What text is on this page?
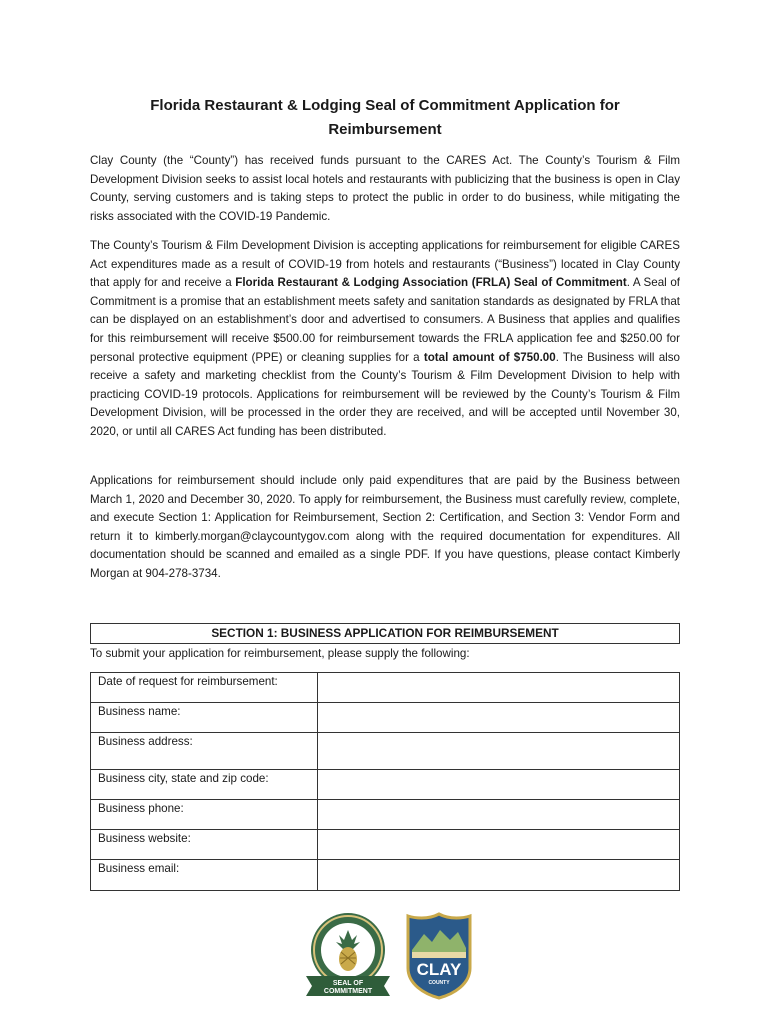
Florida Restaurant & Lodging Seal of Commitment Application for
Reimbursement
Clay County (the “County”) has received funds pursuant to the CARES Act. The County’s Tourism & Film Development Division seeks to assist local hotels and restaurants with publicizing that the business is open in Clay County, serving customers and is taking steps to protect the public in order to do business, while mitigating the risks associated with the COVID-19 Pandemic.
The County’s Tourism & Film Development Division is accepting applications for reimbursement for eligible CARES Act expenditures made as a result of COVID-19 from hotels and restaurants (“Business”) located in Clay County that apply for and receive a Florida Restaurant & Lodging Association (FRLA) Seal of Commitment. A Seal of Commitment is a promise that an establishment meets safety and sanitation standards as designated by FRLA that can be displayed on an establishment’s door and advertised to consumers. A Business that applies and qualifies for this reimbursement will receive $500.00 for reimbursement towards the FRLA application fee and $250.00 for personal protective equipment (PPE) or cleaning supplies for a total amount of $750.00. The Business will also receive a safety and marketing checklist from the County’s Tourism & Film Development Division to help with practicing COVID-19 protocols. Applications for reimbursement will be reviewed by the County’s Tourism & Film Development Division, will be processed in the order they are received, and will be accepted until November 30, 2020, or until all CARES Act funding has been distributed.
Applications for reimbursement should include only paid expenditures that are paid by the Business between March 1, 2020 and December 30, 2020. To apply for reimbursement, the Business must carefully review, complete, and execute Section 1: Application for Reimbursement, Section 2: Certification, and Section 3: Vendor Form and return it to kimberly.morgan@claycountygov.com along with the required documentation for expenditures. All documentation should be scanned and emailed as a single PDF. If you have questions, please contact Kimberly Morgan at 904-278-3734.
SECTION 1: BUSINESS APPLICATION FOR REIMBURSEMENT
To submit your application for reimbursement, please supply the following:
Date of request for reimbursement:	
Business name:	
Business address:	
Business city, state and zip code:	
Business phone:	
Business website:	
Business email:	
SEAL OF
COMMITMENT
CLAY
COUNTY
